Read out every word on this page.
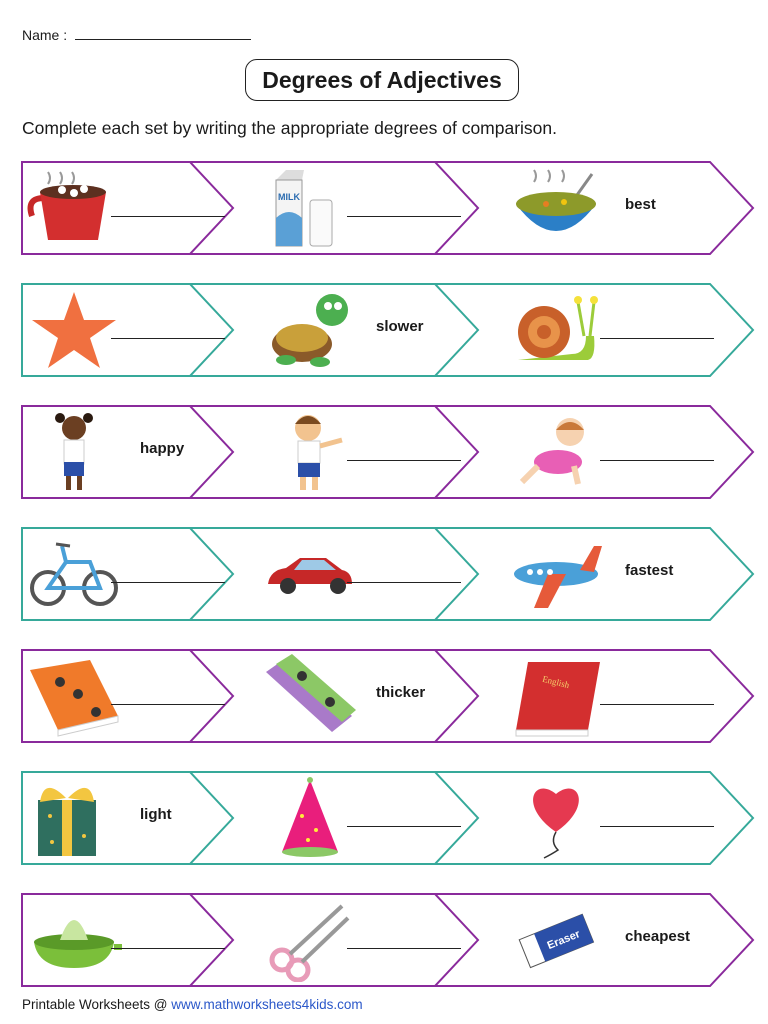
Name :
Degrees of Adjectives
Complete each set by writing the appropriate degrees of comparison.
MILK	best
slower
happy
fastest
thicker
English
light
Eraser	cheapest
Printable Worksheets @ www.mathworksheets4kids.com
